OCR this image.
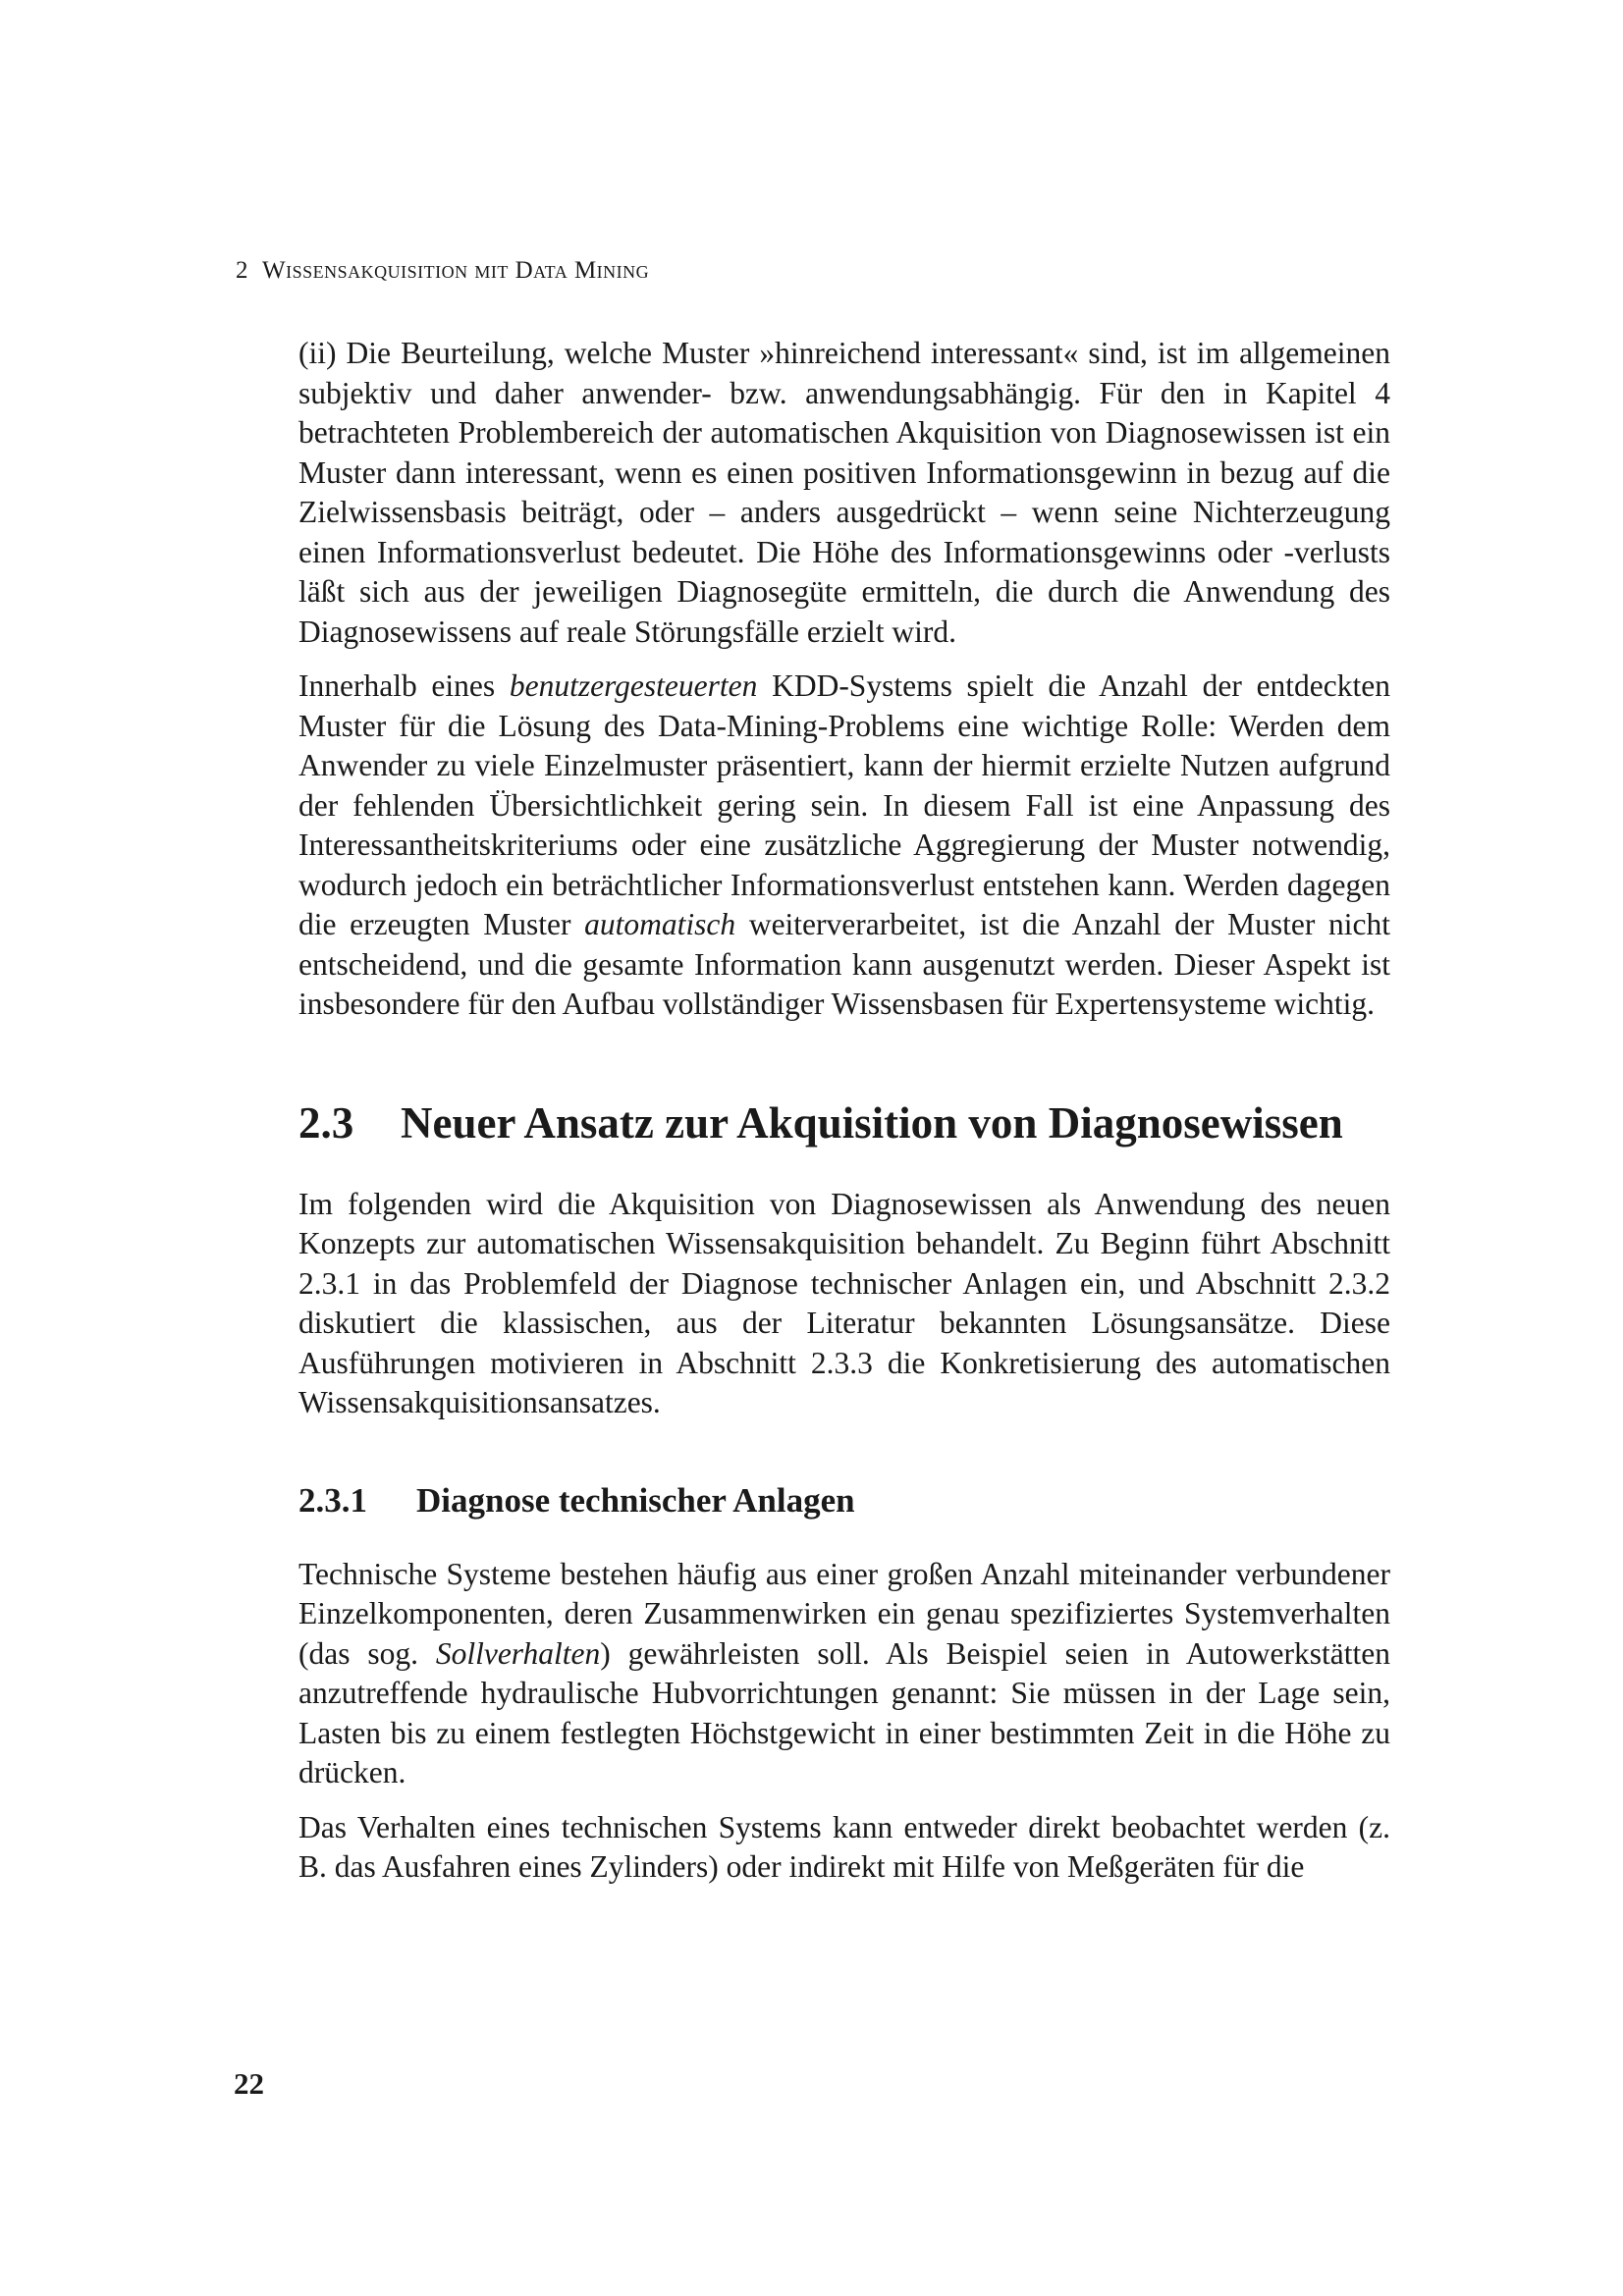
2 Wissensakquisition mit Data Mining

(ii) Die Beurteilung, welche Muster »hinreichend interessant« sind, ist im allgemeinen subjektiv und daher anwender- bzw. anwendungsabhängig. Für den in Kapitel 4 betrachteten Problembereich der automatischen Akquisition von Diagnosewissen ist ein Muster dann interessant, wenn es einen positiven Informationsgewinn in bezug auf die Zielwissensbasis beiträgt, oder – anders ausgedrückt – wenn seine Nichterzeugung einen Informationsverlust bedeutet. Die Höhe des Informationsgewinns oder -verlusts läßt sich aus der jeweiligen Diagnosegüte ermitteln, die durch die Anwendung des Diagnosewissens auf reale Störungsfälle erzielt wird.

Innerhalb eines benutzergesteuerten KDD-Systems spielt die Anzahl der entdeckten Muster für die Lösung des Data-Mining-Problems eine wichtige Rolle: Werden dem Anwender zu viele Einzelmuster präsentiert, kann der hiermit erzielte Nutzen aufgrund der fehlenden Übersichtlichkeit gering sein. In diesem Fall ist eine Anpassung des Interessantheitskriteriums oder eine zusätzliche Aggregierung der Muster notwendig, wodurch jedoch ein beträchtlicher Informationsverlust entstehen kann. Werden dagegen die erzeugten Muster automatisch weiterverarbeitet, ist die Anzahl der Muster nicht entscheidend, und die gesamte Information kann ausgenutzt werden. Dieser Aspekt ist insbesondere für den Aufbau vollständiger Wissensbasen für Expertensysteme wichtig.

2.3 Neuer Ansatz zur Akquisition von Diagnosewissen

Im folgenden wird die Akquisition von Diagnosewissen als Anwendung des neuen Konzepts zur automatischen Wissensakquisition behandelt. Zu Beginn führt Abschnitt 2.3.1 in das Problemfeld der Diagnose technischer Anlagen ein, und Abschnitt 2.3.2 diskutiert die klassischen, aus der Literatur bekannten Lösungsansätze. Diese Ausführungen motivieren in Abschnitt 2.3.3 die Konkretisierung des automatischen Wissensakquisitionsansatzes.

2.3.1 Diagnose technischer Anlagen

Technische Systeme bestehen häufig aus einer großen Anzahl miteinander verbundener Einzelkomponenten, deren Zusammenwirken ein genau spezifiziertes Systemverhalten (das sog. Sollverhalten) gewährleisten soll. Als Beispiel seien in Autowerkstätten anzutreffende hydraulische Hubvorrichtungen genannt: Sie müssen in der Lage sein, Lasten bis zu einem festlegten Höchstgewicht in einer bestimmten Zeit in die Höhe zu drücken.

Das Verhalten eines technischen Systems kann entweder direkt beobachtet werden (z. B. das Ausfahren eines Zylinders) oder indirekt mit Hilfe von Meßgeräten für die

22
